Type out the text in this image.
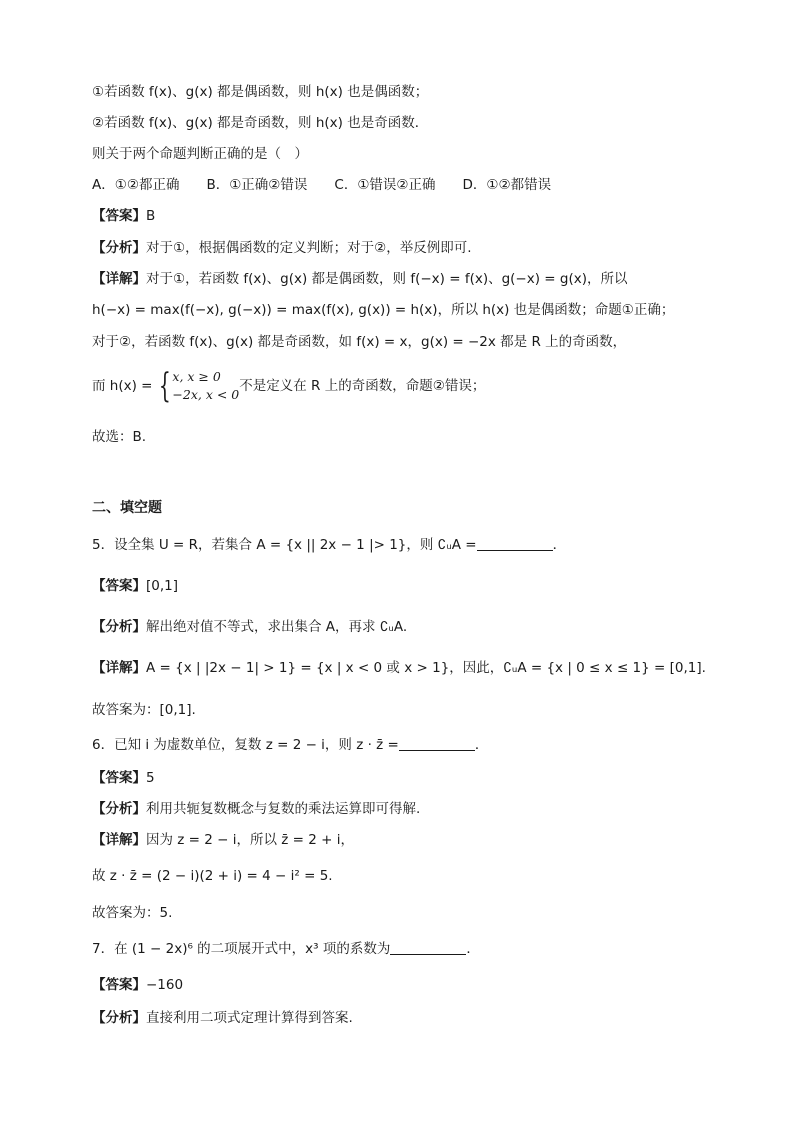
①若函数 f(x)、g(x) 都是偶函数，则 h(x) 也是偶函数；
②若函数 f(x)、g(x) 都是奇函数，则 h(x) 也是奇函数．
则关于两个命题判断正确的是（　）
A．①②都正确　　B．①正确②错误　　C．①错误②正确　　D．①②都错误
【答案】B
【分析】对于①，根据偶函数的定义判断；对于②，举反例即可.
【详解】对于①，若函数 f(x)、g(x) 都是偶函数，则 f(−x) = f(x)、g(−x) = g(x)，所以
h(−x) = max(f(−x), g(−x)) = max(f(x), g(x)) = h(x)，所以 h(x) 也是偶函数；命题①正确；
对于②，若函数 f(x)、g(x) 都是奇函数，如 f(x) = x，g(x) = −2x 都是 R 上的奇函数，
而 h(x) = { x, x ≥ 0
−2x, x < 0
不是定义在 R 上的奇函数，命题②错误；
故选：B.
二、填空题
5．设全集 U = R，若集合 A = {x || 2x − 1 |> 1}，则 ∁ᵤA =	．
【答案】[0,1]
【分析】解出绝对值不等式，求出集合 A，再求 ∁ᵤA.
【详解】A = {x | |2x − 1| > 1} = {x | x < 0 或 x > 1}，因此，∁ᵤA = {x | 0 ≤ x ≤ 1} = [0,1].
故答案为：[0,1].
6．已知 i 为虚数单位，复数 z = 2 − i，则 z · z̄ =	．
【答案】5
【分析】利用共轭复数概念与复数的乘法运算即可得解.
【详解】因为 z = 2 − i，所以 z̄ = 2 + i，
故 z · z̄ = (2 − i)(2 + i) = 4 − i² = 5.
故答案为：5.
7．在 (1 − 2x)⁶ 的二项展开式中，x³ 项的系数为	．
【答案】−160
【分析】直接利用二项式定理计算得到答案.
